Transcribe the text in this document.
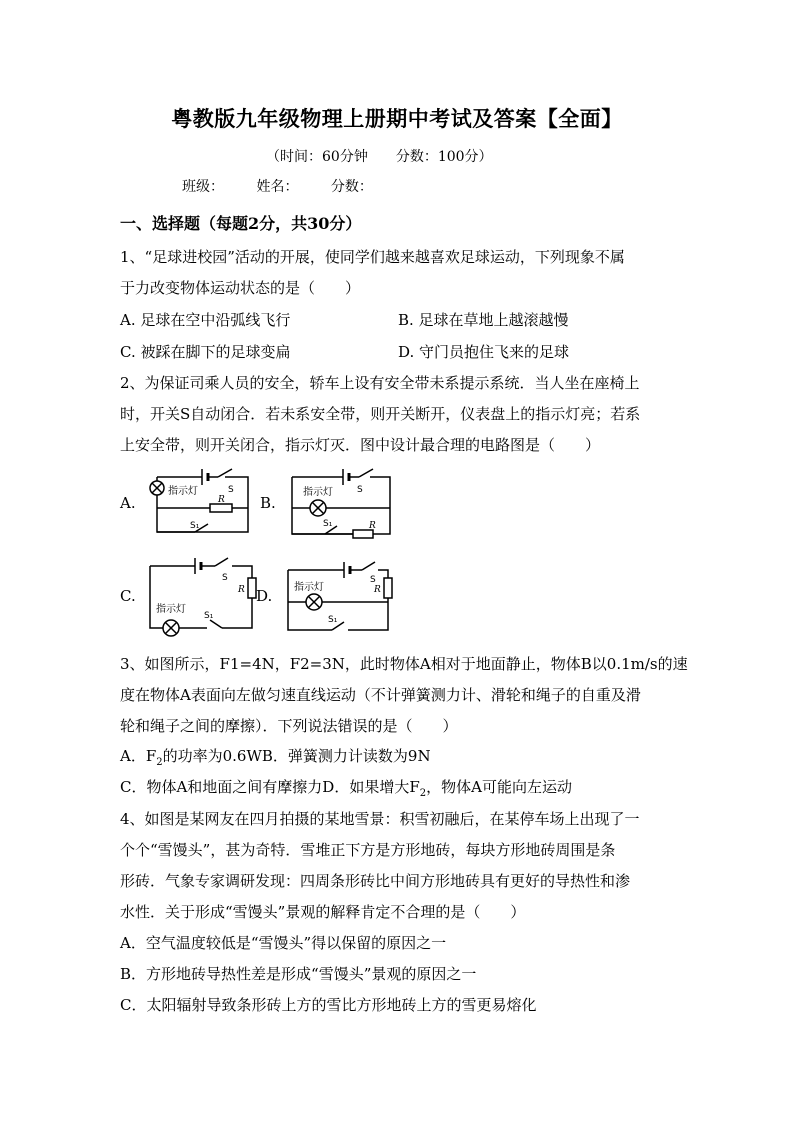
粤教版九年级物理上册期中考试及答案【全面】
（时间：60分钟　　分数：100分）
班级： 姓名： 分数：
一、选择题（每题2分，共30分）
1、“足球进校园”活动的开展，使同学们越来越喜欢足球运动，下列现象不属
于力改变物体运动状态的是（　　）
A. 足球在空中沿弧线飞行	B. 足球在草地上越滚越慢
C. 被踩在脚下的足球变扁	D. 守门员抱住飞来的足球
2、为保证司乘人员的安全，轿车上设有安全带未系提示系统．当人坐在座椅上
时，开关S自动闭合．若未系安全带，则开关断开，仪表盘上的指示灯亮；若系
上安全带，则开关闭合，指示灯灭．图中设计最合理的电路图是（　　）
A.	B.
C.	D.
指示灯	S
R
S₁
指示灯	S
R
S₁
指示灯
S
R
S₁
指示灯
S
R
S₁
3、如图所示，F1=4N，F2=3N，此时物体A相对于地面静止，物体B以0.1m/s的速
度在物体A表面向左做匀速直线运动（不计弹簧测力计、滑轮和绳子的自重及滑
轮和绳子之间的摩擦）．下列说法错误的是（　　）
A．$F_2$的功率为0.6WB．弹簧测力计读数为9N
C．物体A和地面之间有摩擦力D．如果增大$F_2$，物体A可能向左运动
4、如图是某网友在四月拍摄的某地雪景：积雪初融后，在某停车场上出现了一
个个“雪馒头”，甚为奇特．雪堆正下方是方形地砖，每块方形地砖周围是条
形砖．气象专家调研发现：四周条形砖比中间方形地砖具有更好的导热性和渗
水性．关于形成“雪馒头”景观的解释肯定不合理的是（　　）
A．空气温度较低是“雪馒头”得以保留的原因之一
B．方形地砖导热性差是形成“雪馒头”景观的原因之一
C．太阳辐射导致条形砖上方的雪比方形地砖上方的雪更易熔化
